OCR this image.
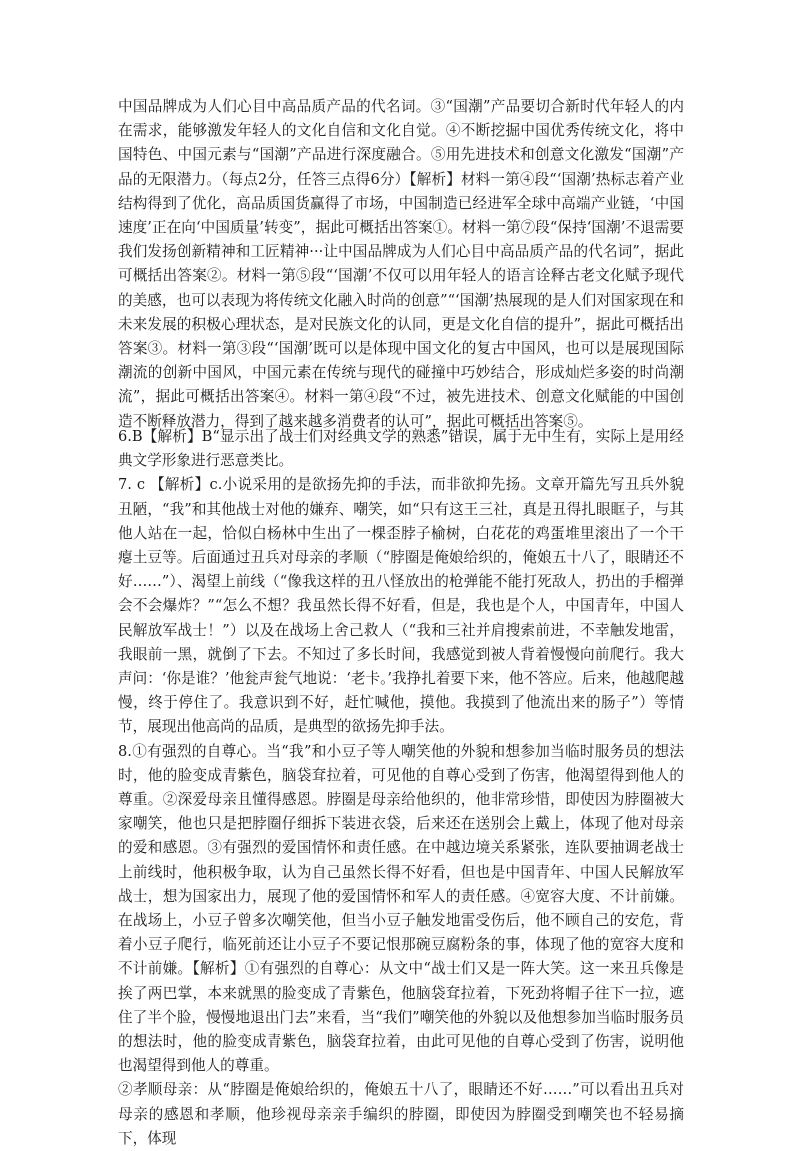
中国品牌成为人们心目中高品质产品的代名词。③“国潮”产品要切合新时代年轻人的内在需求，能够激发年轻人的文化自信和文化自觉。④不断挖掘中国优秀传统文化，将中国特色、中国元素与“国潮”产品进行深度融合。⑤用先进技术和创意文化激发“国潮”产品的无限潜力。（每点2分，任答三点得6分）【解析】材料一第④段“‘国潮’热标志着产业结构得到了优化，高品质国货赢得了市场，中国制造已经进军全球中高端产业链，‘中国速度’正在向‘中国质量’转变”，据此可概括出答案①。材料一第⑦段“保持‘国潮’不退需要我们发扬创新精神和工匠精神···让中国品牌成为人们心目中高品质产品的代名词”，据此可概括出答案②。材料一第⑤段“‘国潮’不仅可以用年轻人的语言诠释古老文化赋予现代的美感，也可以表现为将传统文化融入时尚的创意”“‘国潮’热展现的是人们对国家现在和未来发展的积极心理状态，是对民族文化的认同，更是文化自信的提升”，据此可概括出答案③。材料一第③段“‘国潮’既可以是体现中国文化的复古中国风，也可以是展现国际潮流的创新中国风，中国元素在传统与现代的碰撞中巧妙结合，形成灿烂多姿的时尚潮流”，据此可概括出答案④。材料一第④段“不过，被先进技术、创意文化赋能的中国创造不断释放潜力，得到了越来越多消费者的认可”，据此可概括出答案⑤。

6.B【解析】B“显示出了战士们对经典文学的熟悉”错误，属于无中生有，实际上是用经典文学形象进行恶意类比。

7. c 【解析】c.小说采用的是欲扬先抑的手法，而非欲抑先扬。文章开篇先写丑兵外貌丑陋，“我”和其他战士对他的嫌弃、嘲笑，如“只有这王三社，真是丑得扎眼眶子，与其他人站在一起，恰似白杨林中生出了一棵歪脖子榆树，白花花的鸡蛋堆里滚出了一个干瘪土豆等。后面通过丑兵对母亲的孝顺（“脖圈是俺娘给织的，俺娘五十八了，眼睛还不好……”）、渴望上前线（“像我这样的丑八怪放出的枪弹能不能打死敌人，扔出的手榴弹会不会爆炸？”“怎么不想？我虽然长得不好看，但是，我也是个人，中国青年，中国人民解放军战士！”）以及在战场上舍己救人（“我和三社并肩搜索前进，不幸触发地雷，我眼前一黑，就倒了下去。不知过了多长时间，我感觉到被人背着慢慢向前爬行。我大声问：‘你是谁？’他瓮声瓮气地说：‘老卡。’我挣扎着要下来，他不答应。后来，他越爬越慢，终于停住了。我意识到不好，赶忙喊他，摸他。我摸到了他流出来的肠子”）等情节，展现出他高尚的品质，是典型的欲扬先抑手法。

8.①有强烈的自尊心。当“我”和小豆子等人嘲笑他的外貌和想参加当临时服务员的想法时，他的脸变成青紫色，脑袋耷拉着，可见他的自尊心受到了伤害，他渴望得到他人的尊重。②深爱母亲且懂得感恩。脖圈是母亲给他织的，他非常珍惜，即使因为脖圈被大家嘲笑，他也只是把脖圈仔细拆下装进衣袋，后来还在送别会上戴上，体现了他对母亲的爱和感恩。③有强烈的爱国情怀和责任感。在中越边境关系紧张，连队要抽调老战士上前线时，他积极争取，认为自己虽然长得不好看，但也是中国青年、中国人民解放军战士，想为国家出力，展现了他的爱国情怀和军人的责任感。④宽容大度、不计前嫌。在战场上，小豆子曾多次嘲笑他，但当小豆子触发地雷受伤后，他不顾自己的安危，背着小豆子爬行，临死前还让小豆子不要记恨那碗豆腐粉条的事，体现了他的宽容大度和不计前嫌。【解析】①有强烈的自尊心：从文中“战士们又是一阵大笑。这一来丑兵像是挨了两巴掌，本来就黑的脸变成了青紫色，他脑袋耷拉着，下死劲将帽子往下一拉，遮住了半个脸，慢慢地退出门去”来看，当“我们”嘲笑他的外貌以及他想参加当临时服务员的想法时，他的脸变成青紫色，脑袋耷拉着，由此可见他的自尊心受到了伤害，说明他也渴望得到他人的尊重。

②孝顺母亲：从“脖圈是俺娘给织的，俺娘五十八了，眼睛还不好……”可以看出丑兵对母亲的感恩和孝顺，他珍视母亲亲手编织的脖圈，即使因为脖圈受到嘲笑也不轻易摘下，体现
